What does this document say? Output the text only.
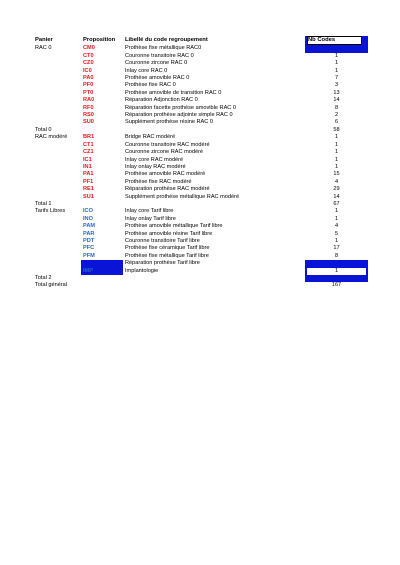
Panier	Proposition	Libellé du code regroupement	Nb Codes
RAC 0	CM0	Prothèse fixe métallique RAC0	
	CT0	Couronne transitoire RAC 0	1
	CZ0	Couronne zircone RAC 0	1
	IC0	Inlay core RAC 0	1
	PA0	Prothèse amovible RAC 0	7
	PF0	Prothèse fixe RAC 0	3
	PT0	Prothèse amovible de transition RAC 0	13
	RA0	Réparation Adjonction RAC 0	14
	RF0	Réparation facette prothèse amovible RAC 0	8
	RS0	Réparation prothèse adjointe simple RAC 0	2
	SU0	Supplément prothèse résine RAC 0	6
Total 0			58
RAC modéré	BR1	Bridge RAC modéré	1
	CT1	Couronne transitoire RAC modéré	1
	CZ1	Couronne zircone RAC modéré	1
	IC1	Inlay core RAC modéré	1
	IN1	Inlay onlay RAC modéré	1
	PA1	Prothèse amovible RAC modéré	15
	PF1	Prothèse fixe RAC modéré	4
	RE1	Réparation prothèse RAC modéré	29
	SU1	Supplément prothèse métallique RAC modéré	14
Total 1			67
Tarifs Libres	ICO	Inlay core Tarif libre	1
	INO	Inlay onlay Tarif libre	1
	PAM	Prothèse amovible métallique Tarif libre	4
	PAR	Prothèse amovible résine Tarif libre	5
	PDT	Couronne transitoire Tarif libre	1
	PFC	Prothèse fixe céramique Tarif libre	17
	PFM	Prothèse fixe métallique Tarif libre	8
		Réparation prothèse Tarif libre	
	IMP	Implantologie	1
Total 2			
Total général			167
